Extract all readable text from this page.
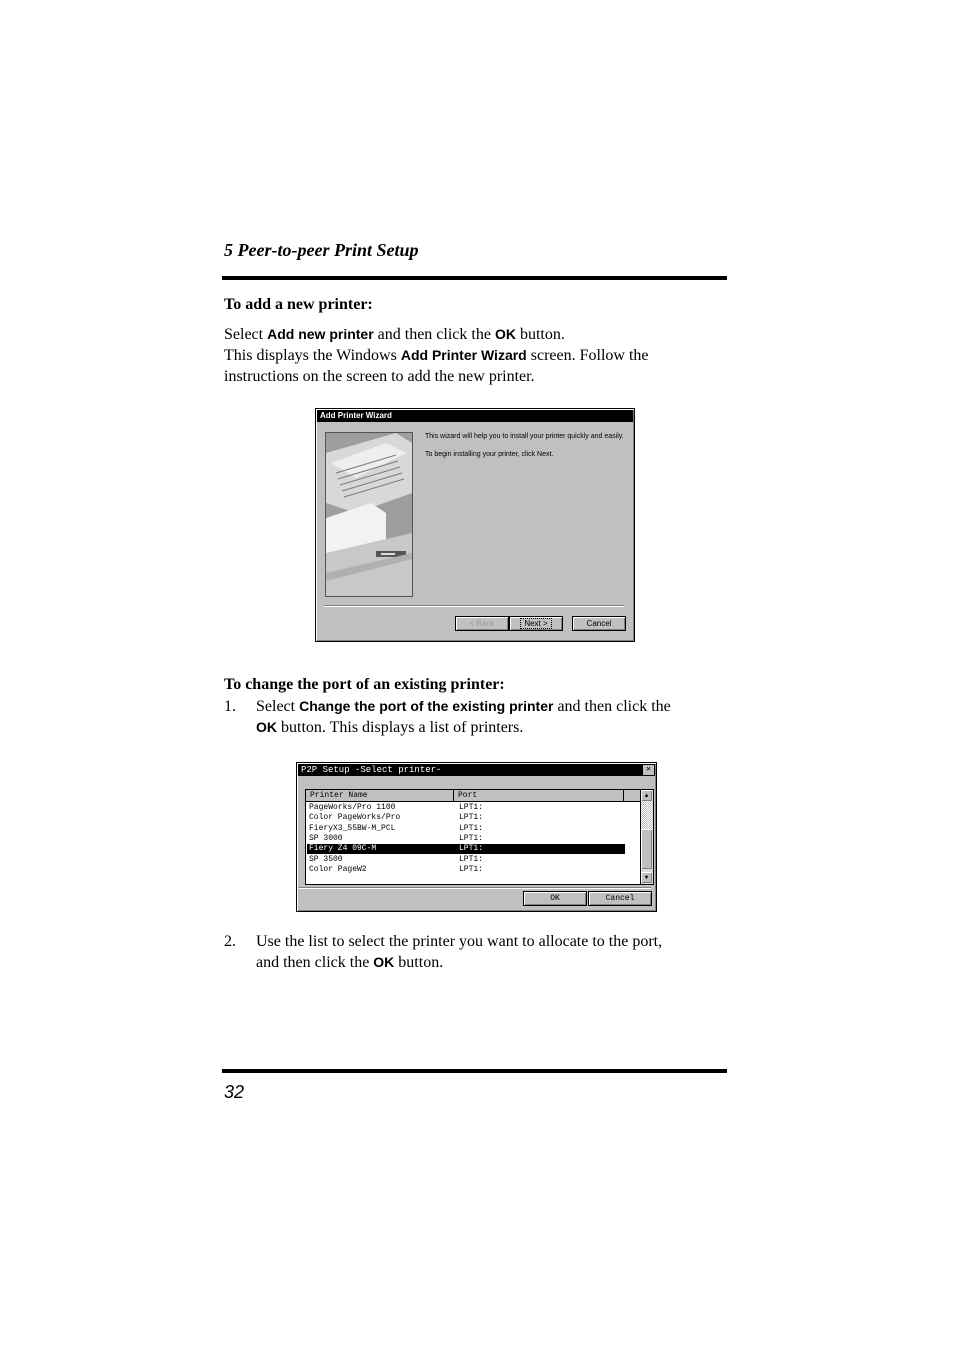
5 Peer-to-peer Print Setup
To add a new printer:
Select Add new printer and then click the OK button.
This displays the Windows Add Printer Wizard screen. Follow the
instructions on the screen to add the new printer.
Add Printer Wizard
This wizard will help you to install your printer quickly and easily.
To begin installing your printer, click Next.
< Back	Next >	Cancel
To change the port of an existing printer:
1. Select Change the port of the existing printer and then click the
OK button. This displays a list of printers.
P2P Setup -Select printer-	✕
Printer Name	Port
PageWorks/Pro 1100	LPT1:
Color PageWorks/Pro	LPT1:
FieryX3_55BW-M_PCL	LPT1:
SP 3000	LPT1:
Fiery Z4 09C-M	LPT1:
SP 3500	LPT1:
Color PageW2	LPT1:
▲
▼
OK	Cancel
2. Use the list to select the printer you want to allocate to the port,
and then click the OK button.
32
